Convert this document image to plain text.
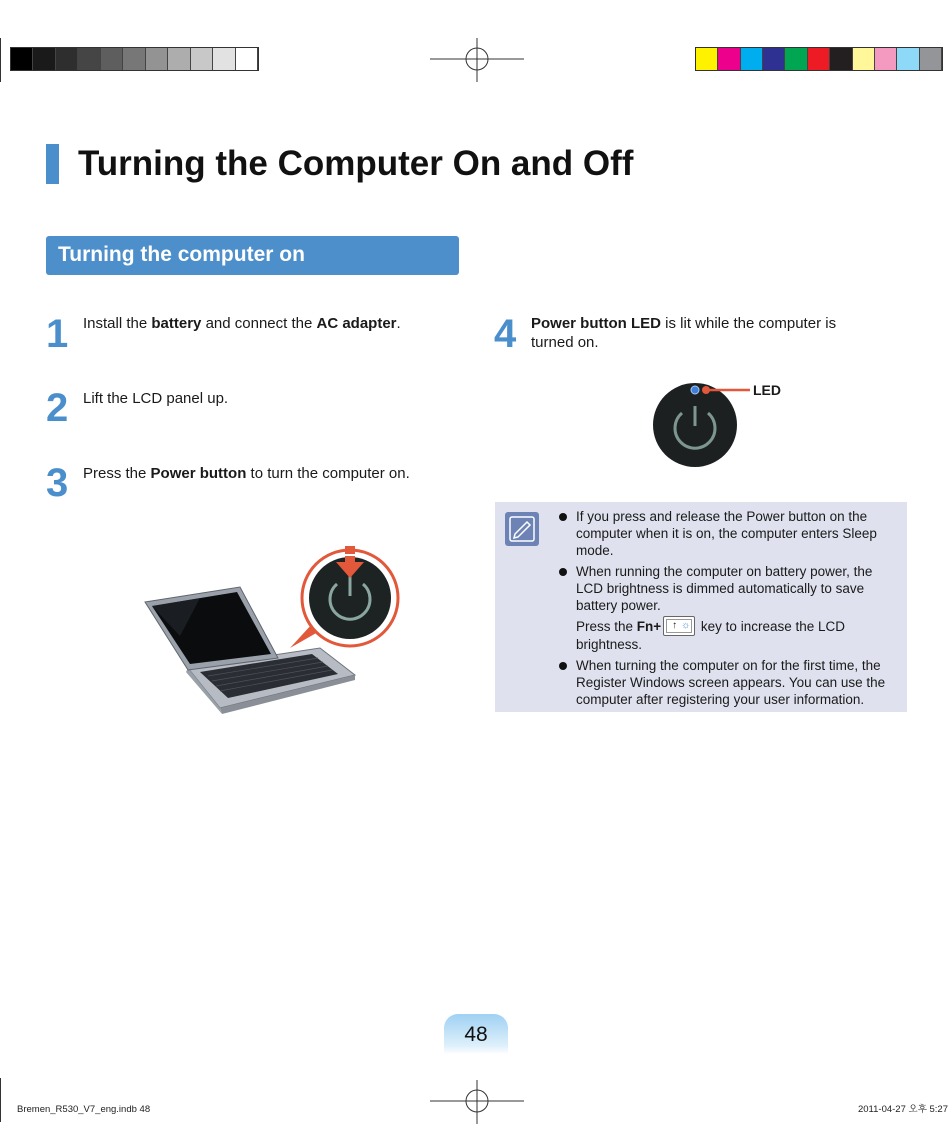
Turning the Computer On and Off
Turning the computer on
1 Install the battery and connect the AC adapter.
2 Lift the LCD panel up.
3 Press the Power button to turn the computer on.
4 Power button LED is lit while the computer is
turned on.
LED
If you press and release the Power button on the
computer when it is on, the computer enters Sleep
mode.
When running the computer on battery power, the
LCD brightness is dimmed automatically to save
battery power.
Press the Fn+ ↑ ☼ key to increase the LCD
brightness.
When turning the computer on for the first time, the
Register Windows screen appears. You can use the
computer after registering your user information.
48
Bremen_R530_V7_eng.indb 48	2011-04-27 오후 5:27
